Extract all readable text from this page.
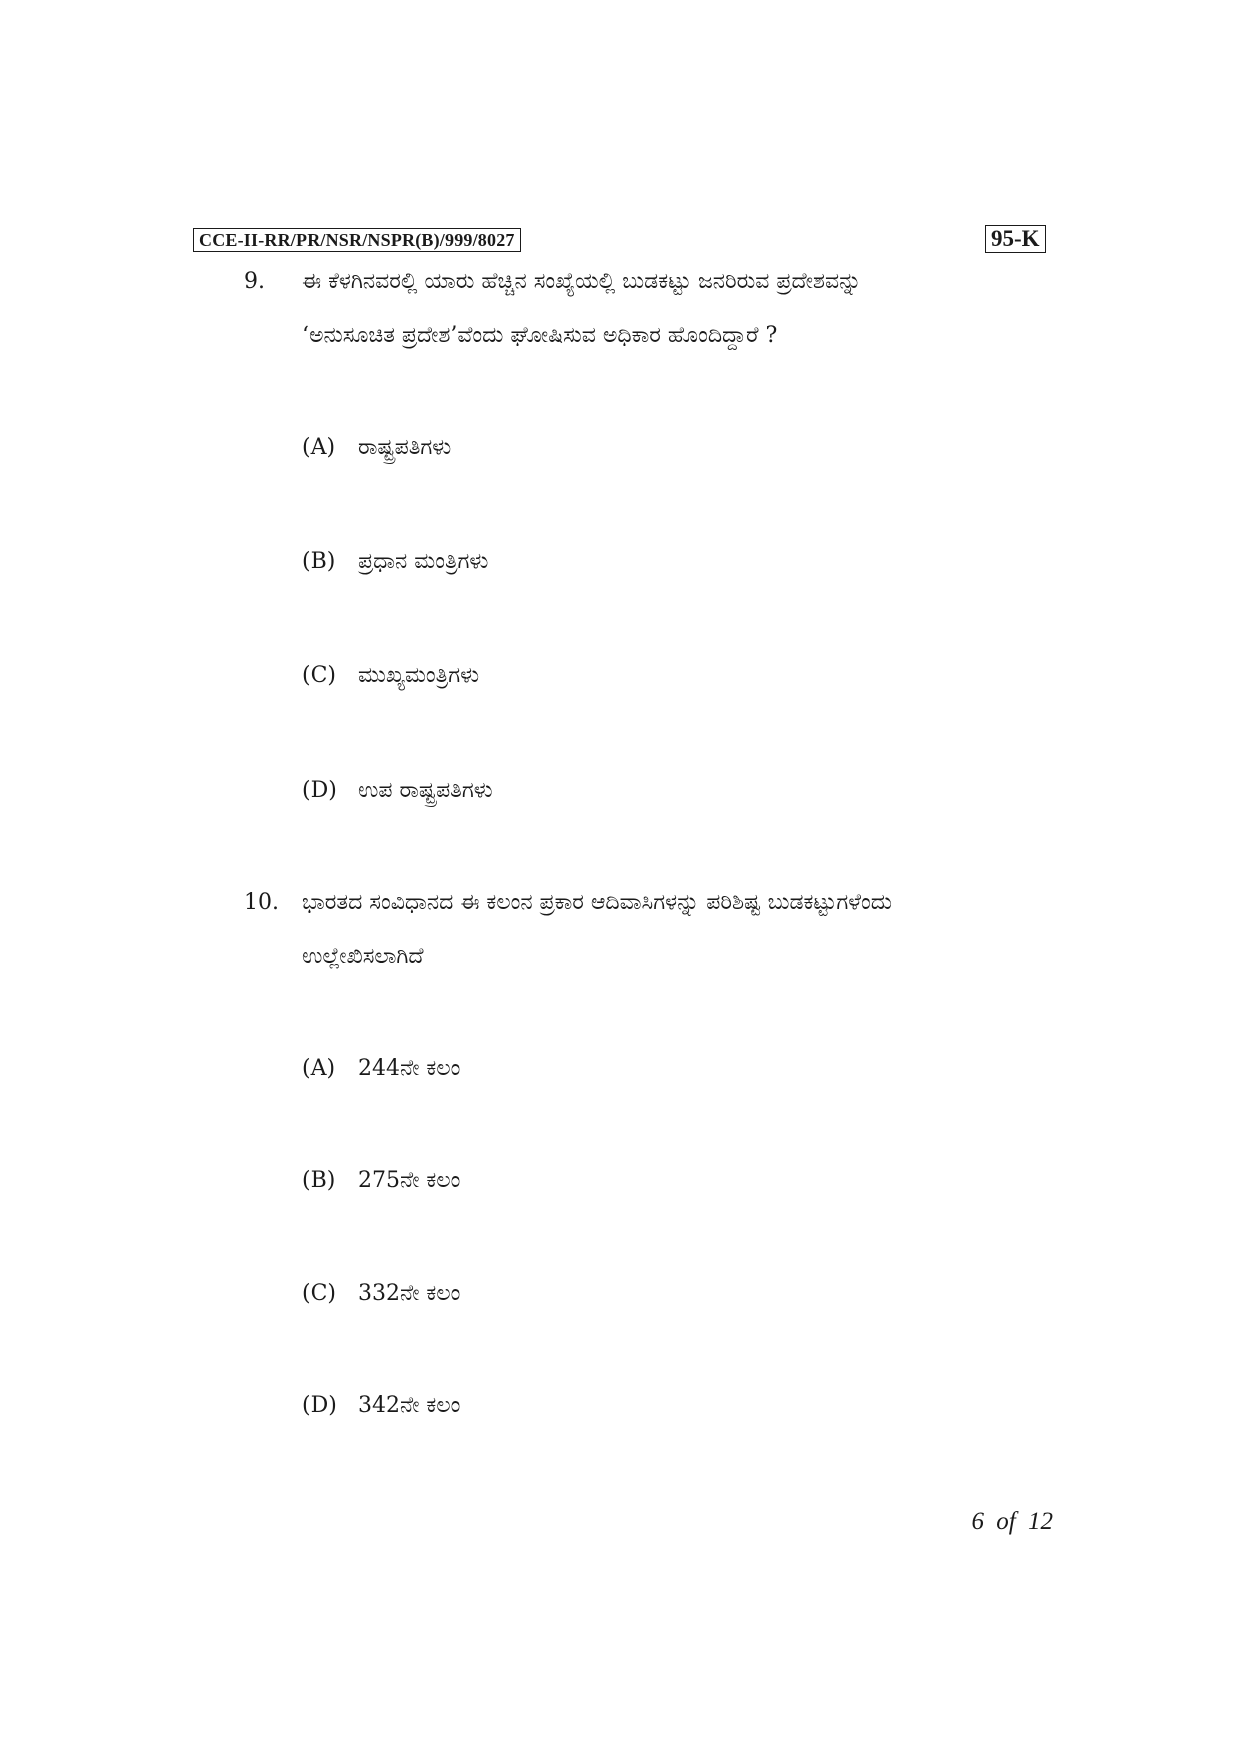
CCE-II-RR/PR/NSR/NSPR(B)/999/8027	95-K
9. ಈ ಕೆಳಗಿನವರಲ್ಲಿ ಯಾರು ಹೆಚ್ಚಿನ ಸಂಖ್ಯೆಯಲ್ಲಿ ಬುಡಕಟ್ಟು ಜನರಿರುವ ಪ್ರದೇಶವನ್ನು
‘ಅನುಸೂಚಿತ ಪ್ರದೇಶ’ವೆಂದು ಘೋಷಿಸುವ ಅಧಿಕಾರ ಹೊಂದಿದ್ದಾರೆ ?
(A) ರಾಷ್ಟ್ರಪತಿಗಳು
(B) ಪ್ರಧಾನ ಮಂತ್ರಿಗಳು
(C) ಮುಖ್ಯಮಂತ್ರಿಗಳು
(D) ಉಪ ರಾಷ್ಟ್ರಪತಿಗಳು
10. ಭಾರತದ ಸಂವಿಧಾನದ ಈ ಕಲಂನ ಪ್ರಕಾರ ಆದಿವಾಸಿಗಳನ್ನು ಪರಿಶಿಷ್ಟ ಬುಡಕಟ್ಟುಗಳೆಂದು
ಉಲ್ಲೇಖಿಸಲಾಗಿದೆ
(A) 244ನೇ ಕಲಂ
(B) 275ನೇ ಕಲಂ
(C) 332ನೇ ಕಲಂ
(D) 342ನೇ ಕಲಂ
6 of 12
